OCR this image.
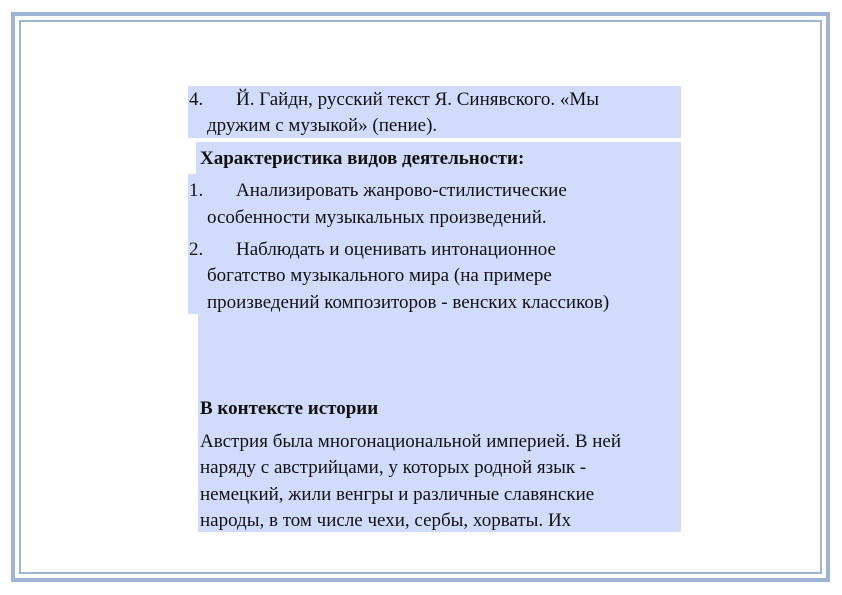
4. Й. Гайдн, русский текст Я. Синявского. «Мы
дружим с музыкой» (пение).
Характеристика видов деятельности:
1. Анализировать жанрово-стилистические
особенности музыкальных произведений.
2. Наблюдать и оценивать интонационное
богатство музыкального мира (на примере
произведений композиторов - венских классиков)
В контексте истории
Австрия была многонациональной империей. В ней
наряду с австрийцами, у которых родной язык -
немецкий, жили венгры и различные славянские
народы, в том числе чехи, сербы, хорваты. Их
